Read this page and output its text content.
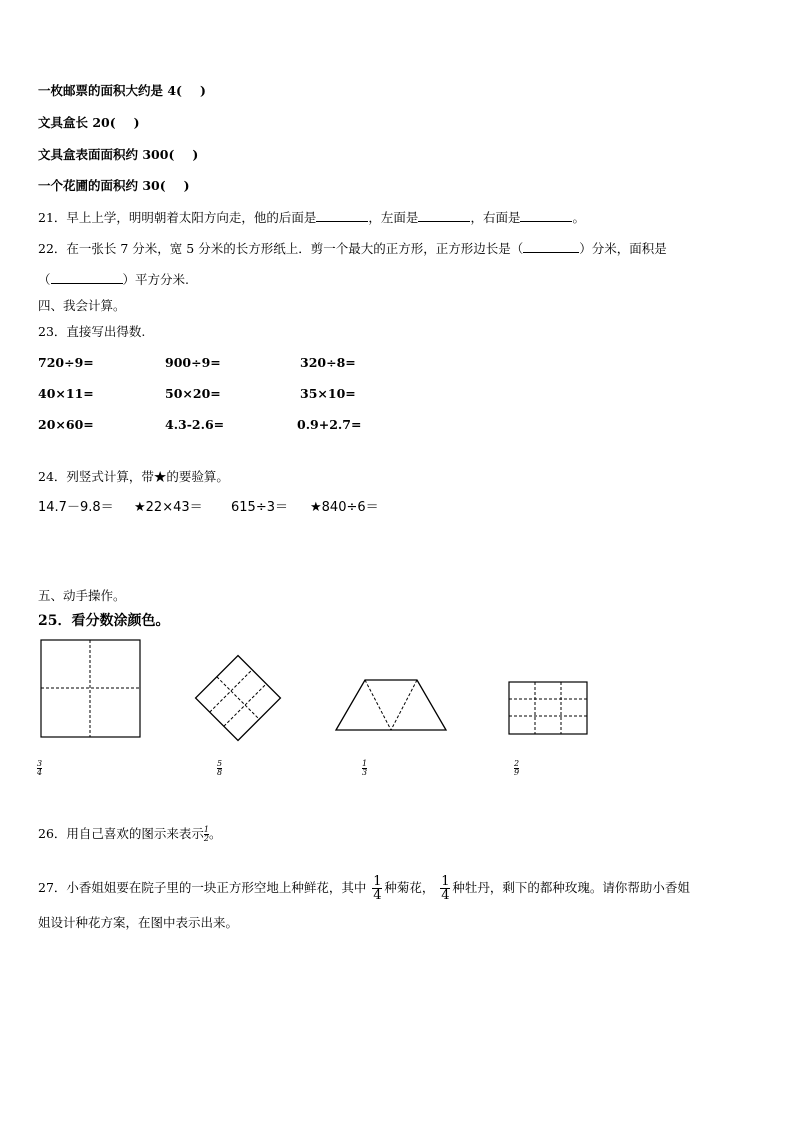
一枚邮票的面积大约是 4( )
文具盒长 20( )
文具盒表面面积约 300( )
一个花圃的面积约 30( )
21．早上上学，明明朝着太阳方向走，他的后面是	，左面是	，右面是	。
22．在一张长 7 分米，宽 5 分米的长方形纸上．剪一个最大的正方形，正方形边长是（	）分米，面积是
（	）平方分米.
四、我会计算。
23．直接写出得数.
720÷9=	900÷9=	320÷8=
40×11=	50×20=	35×10=
20×60=	4.3-2.6=	0.9+2.7=
24．列竖式计算，带★的要验算。
14.7－9.8＝ ★22×43＝ 615÷3＝ ★840÷6＝
五、动手操作。
25．看分数涂颜色。
$\frac{3}{4}$	$\frac{5}{8}$	$\frac{1}{3}$	$\frac{2}{9}$
26．用自己喜欢的图示来表示 $\frac{1}{2}$ 。
27．小香姐姐要在院子里的一块正方形空地上种鲜花，其中 $\frac{1}{4}$ 种菊花， $\frac{1}{4}$ 种牡丹，剩下的都种玫瑰。请你帮助小香姐
姐设计种花方案，在图中表示出来。
